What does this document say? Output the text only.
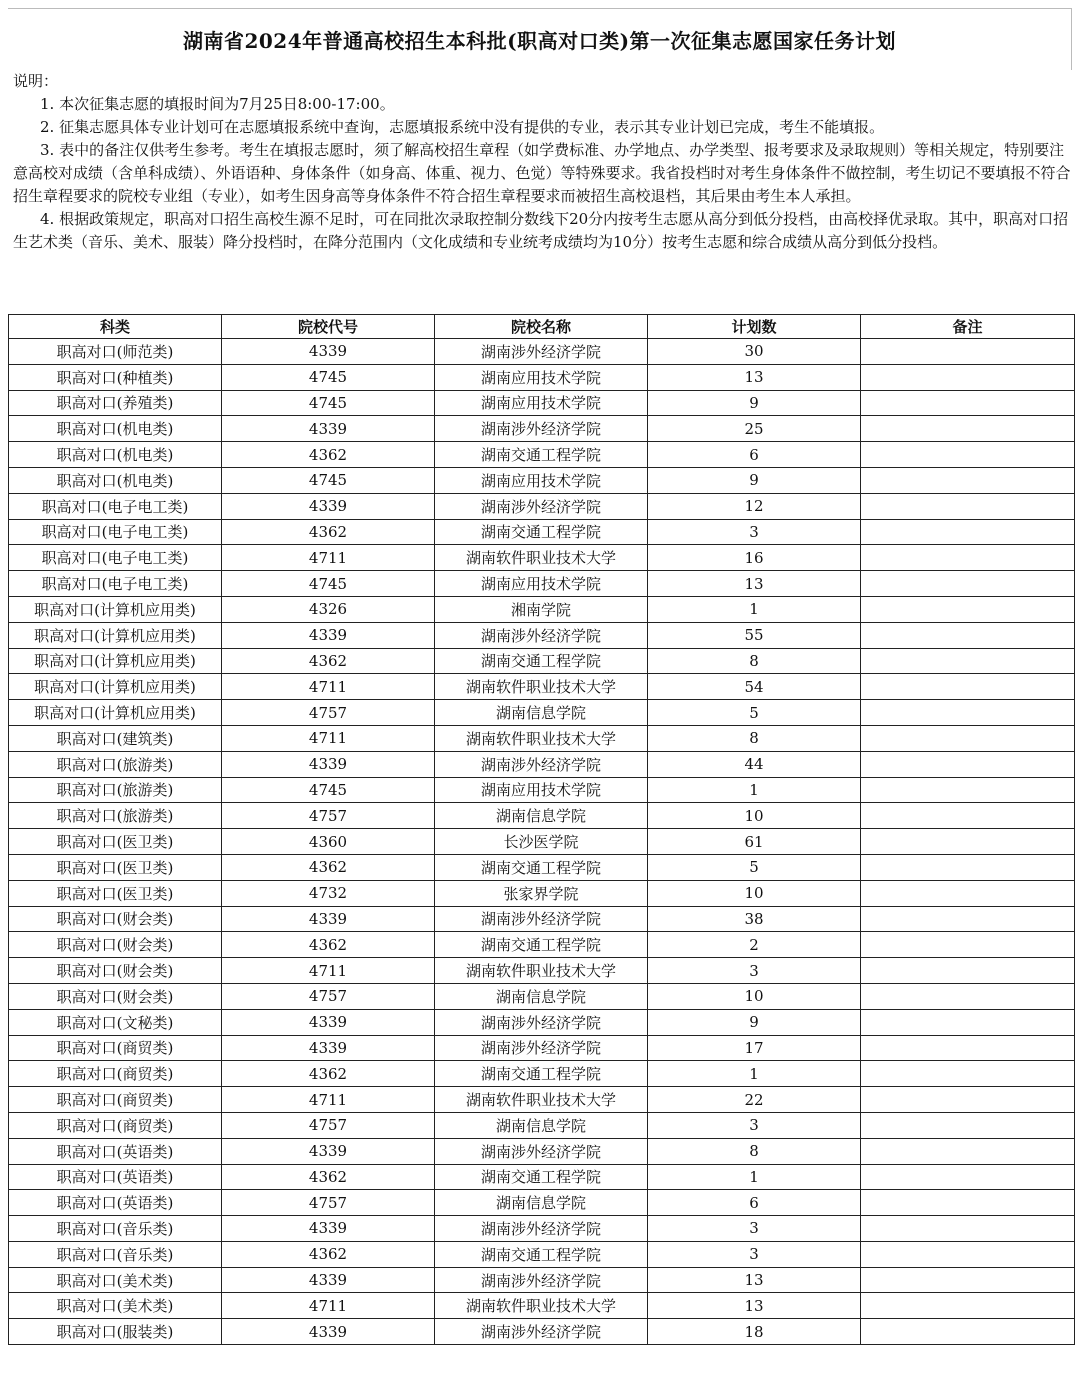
湖南省2024年普通高校招生本科批(职高对口类)第一次征集志愿国家任务计划
说明：
1. 本次征集志愿的填报时间为7月25日8:00-17:00。
2. 征集志愿具体专业计划可在志愿填报系统中查询，志愿填报系统中没有提供的专业，表示其专业计划已完成，考生不能填报。
3. 表中的备注仅供考生参考。考生在填报志愿时，须了解高校招生章程（如学费标准、办学地点、办学类型、报考要求及录取规则）等相关规定，特别要注意高校对成绩（含单科成绩）、外语语种、身体条件（如身高、体重、视力、色觉）等特殊要求。我省投档时对考生身体条件不做控制，考生切记不要填报不符合招生章程要求的院校专业组（专业），如考生因身高等身体条件不符合招生章程要求而被招生高校退档，其后果由考生本人承担。
4. 根据政策规定，职高对口招生高校生源不足时，可在同批次录取控制分数线下20分内按考生志愿从高分到低分投档，由高校择优录取。其中，职高对口招生艺术类（音乐、美术、服装）降分投档时，在降分范围内（文化成绩和专业统考成绩均为10分）按考生志愿和综合成绩从高分到低分投档。
科类	院校代号	院校名称	计划数	备注
职高对口(师范类)	4339	湖南涉外经济学院	30	
职高对口(种植类)	4745	湖南应用技术学院	13	
职高对口(养殖类)	4745	湖南应用技术学院	9	
职高对口(机电类)	4339	湖南涉外经济学院	25	
职高对口(机电类)	4362	湖南交通工程学院	6	
职高对口(机电类)	4745	湖南应用技术学院	9	
职高对口(电子电工类)	4339	湖南涉外经济学院	12	
职高对口(电子电工类)	4362	湖南交通工程学院	3	
职高对口(电子电工类)	4711	湖南软件职业技术大学	16	
职高对口(电子电工类)	4745	湖南应用技术学院	13	
职高对口(计算机应用类)	4326	湘南学院	1	
职高对口(计算机应用类)	4339	湖南涉外经济学院	55	
职高对口(计算机应用类)	4362	湖南交通工程学院	8	
职高对口(计算机应用类)	4711	湖南软件职业技术大学	54	
职高对口(计算机应用类)	4757	湖南信息学院	5	
职高对口(建筑类)	4711	湖南软件职业技术大学	8	
职高对口(旅游类)	4339	湖南涉外经济学院	44	
职高对口(旅游类)	4745	湖南应用技术学院	1	
职高对口(旅游类)	4757	湖南信息学院	10	
职高对口(医卫类)	4360	长沙医学院	61	
职高对口(医卫类)	4362	湖南交通工程学院	5	
职高对口(医卫类)	4732	张家界学院	10	
职高对口(财会类)	4339	湖南涉外经济学院	38	
职高对口(财会类)	4362	湖南交通工程学院	2	
职高对口(财会类)	4711	湖南软件职业技术大学	3	
职高对口(财会类)	4757	湖南信息学院	10	
职高对口(文秘类)	4339	湖南涉外经济学院	9	
职高对口(商贸类)	4339	湖南涉外经济学院	17	
职高对口(商贸类)	4362	湖南交通工程学院	1	
职高对口(商贸类)	4711	湖南软件职业技术大学	22	
职高对口(商贸类)	4757	湖南信息学院	3	
职高对口(英语类)	4339	湖南涉外经济学院	8	
职高对口(英语类)	4362	湖南交通工程学院	1	
职高对口(英语类)	4757	湖南信息学院	6	
职高对口(音乐类)	4339	湖南涉外经济学院	3	
职高对口(音乐类)	4362	湖南交通工程学院	3	
职高对口(美术类)	4339	湖南涉外经济学院	13	
职高对口(美术类)	4711	湖南软件职业技术大学	13	
职高对口(服装类)	4339	湖南涉外经济学院	18	
